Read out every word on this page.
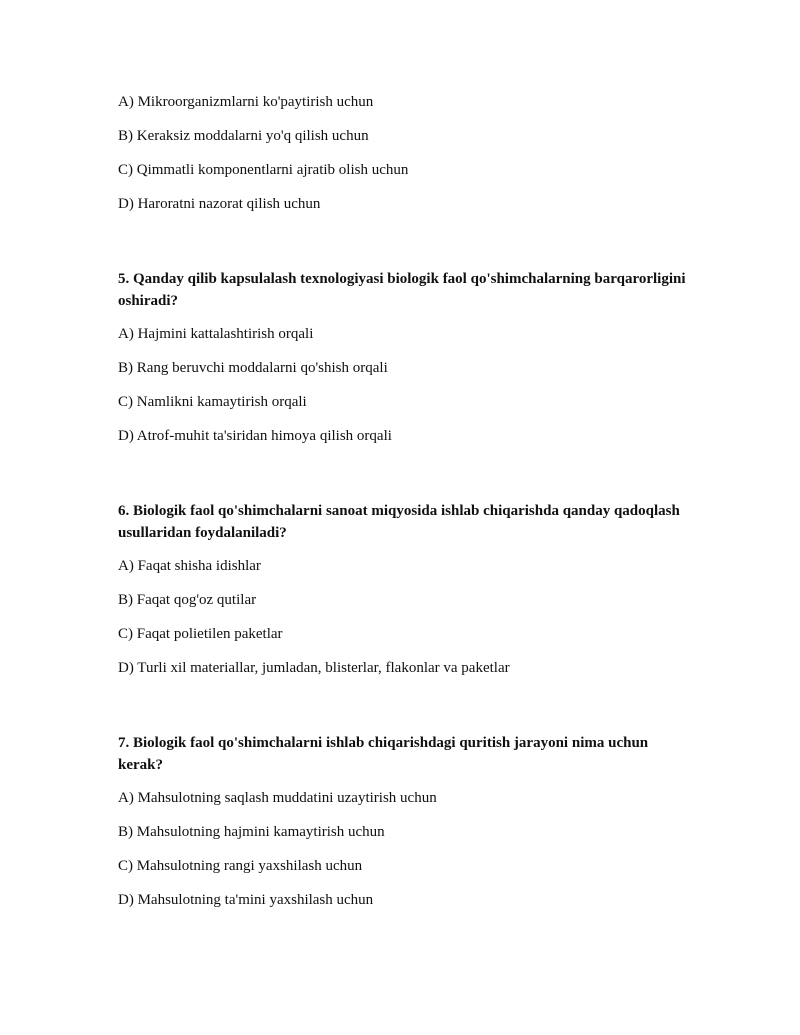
A) Mikroorganizmlarni ko'paytirish uchun
B) Keraksiz moddalarni yo'q qilish uchun
C) Qimmatli komponentlarni ajratib olish uchun
D) Haroratni nazorat qilish uchun
5. Qanday qilib kapsulalash texnologiyasi biologik faol qo'shimchalarning barqarorligini oshiradi?
A) Hajmini kattalashtirish orqali
B) Rang beruvchi moddalarni qo'shish orqali
C) Namlikni kamaytirish orqali
D) Atrof-muhit ta'siridan himoya qilish orqali
6. Biologik faol qo'shimchalarni sanoat miqyosida ishlab chiqarishda qanday qadoqlash usullaridan foydalaniladi?
A) Faqat shisha idishlar
B) Faqat qog'oz qutilar
C) Faqat polietilen paketlar
D) Turli xil materiallar, jumladan, blisterlar, flakonlar va paketlar
7. Biologik faol qo'shimchalarni ishlab chiqarishdagi quritish jarayoni nima uchun kerak?
A) Mahsulotning saqlash muddatini uzaytirish uchun
B) Mahsulotning hajmini kamaytirish uchun
C) Mahsulotning rangi yaxshilash uchun
D) Mahsulotning ta'mini yaxshilash uchun
